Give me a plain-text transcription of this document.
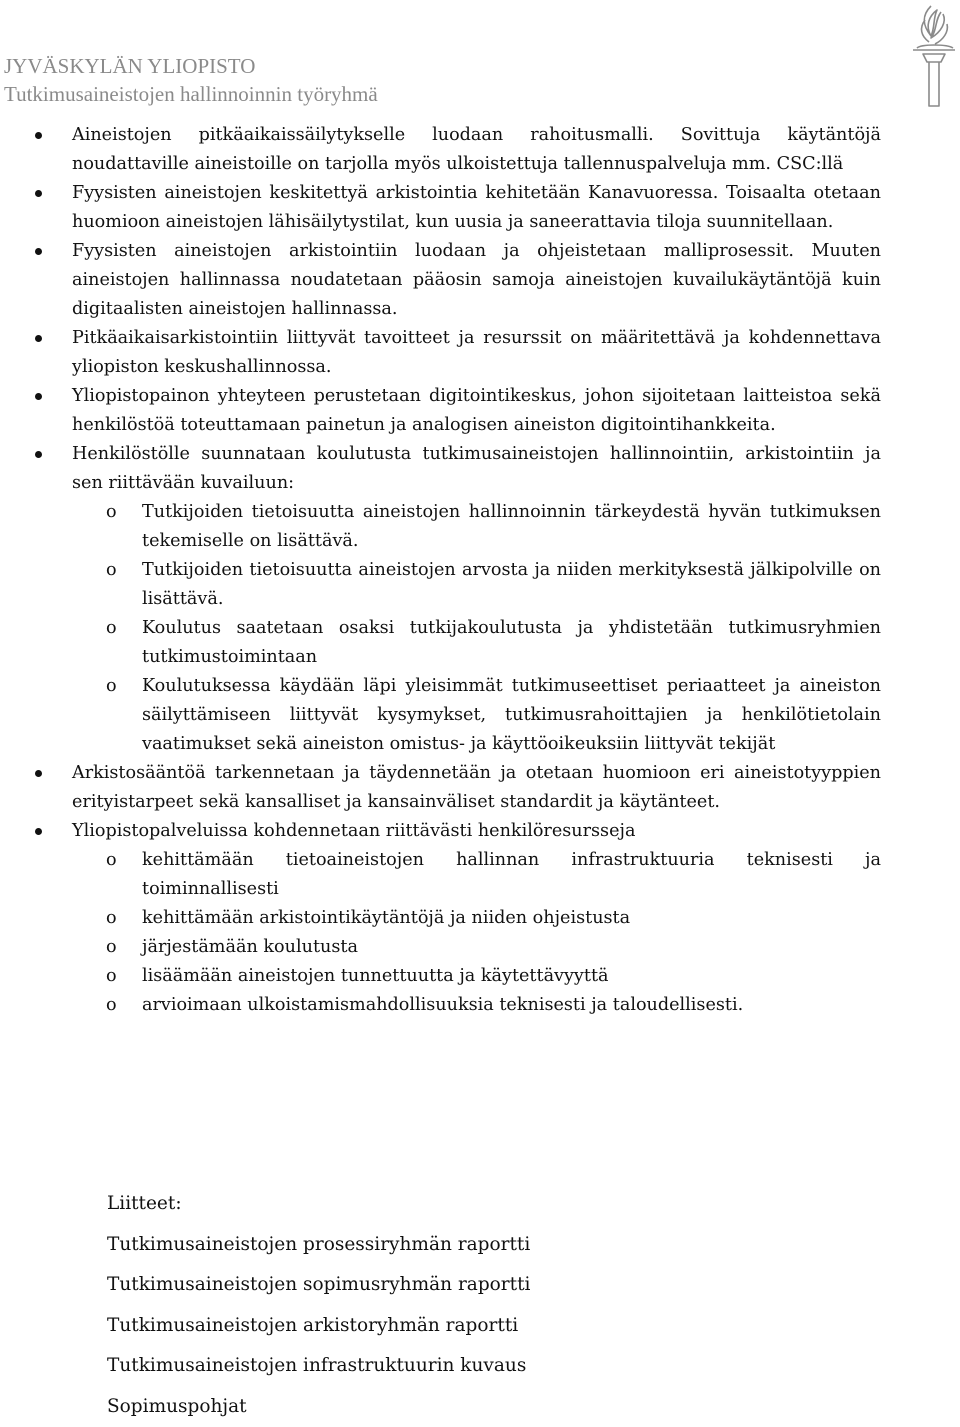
JYVÄSKYLÄN YLIOPISTO
Tutkimusaineistojen hallinnoinnin työryhmä
Aineistojen pitkäaikaissäilytykselle luodaan rahoitusmalli. Sovittuja käytäntöjä noudattaville aineistoille on tarjolla myös ulkoistettuja tallennuspalveluja mm. CSC:llä
Fyysisten aineistojen keskitettyä arkistointia kehitetään Kanavuoressa. Toisaalta otetaan huomioon aineistojen lähisäilytystilat, kun uusia ja saneerattavia tiloja suunnitellaan.
Fyysisten aineistojen arkistointiin luodaan ja ohjeistetaan malliprosessit. Muuten aineistojen hallinnassa noudatetaan pääosin samoja aineistojen kuvailukäytäntöjä kuin digitaalisten aineistojen hallinnassa.
Pitkäaikaisarkistointiin liittyvät tavoitteet ja resurssit on määritettävä ja kohdennettava yliopiston keskushallinnossa.
Yliopistopainon yhteyteen perustetaan digitointikeskus, johon sijoitetaan laitteistoa sekä henkilöstöä toteuttamaan painetun ja analogisen aineiston digitointihankkeita.
Henkilöstölle suunnataan koulutusta tutkimusaineistojen hallinnointiin, arkistointiin ja sen riittävään kuvailuun:
o Tutkijoiden tietoisuutta aineistojen hallinnoinnin tärkeydestä hyvän tutkimuksen tekemiselle on lisättävä.
o Tutkijoiden tietoisuutta aineistojen arvosta ja niiden merkityksestä jälkipolville on lisättävä.
o Koulutus saatetaan osaksi tutkijakoulutusta ja yhdistetään tutkimusryhmien tutkimustoimintaan
o Koulutuksessa käydään läpi yleisimmät tutkimuseettiset periaatteet ja aineiston säilyttämiseen liittyvät kysymykset, tutkimusrahoittajien ja henkilötietolain vaatimukset sekä aineiston omistus- ja käyttöoikeuksiin liittyvät tekijät
Arkistosääntöä tarkennetaan ja täydennetään ja otetaan huomioon eri aineistotyyppien erityistarpeet sekä kansalliset ja kansainväliset standardit ja käytänteet.
Yliopistopalveluissa kohdennetaan riittävästi henkilöresursseja
o kehittämään tietoaineistojen hallinnan infrastruktuuria teknisesti ja toiminnallisesti
o kehittämään arkistointikäytäntöjä ja niiden ohjeistusta
o järjestämään koulutusta
o lisäämään aineistojen tunnettuutta ja käytettävyyttä
o arvioimaan ulkoistamismahdollisuuksia teknisesti ja taloudellisesti.
Liitteet:
Tutkimusaineistojen prosessiryhmän raportti
Tutkimusaineistojen sopimusryhmän raportti
Tutkimusaineistojen arkistoryhmän raportti
Tutkimusaineistojen infrastruktuurin kuvaus
Sopimuspohjat
